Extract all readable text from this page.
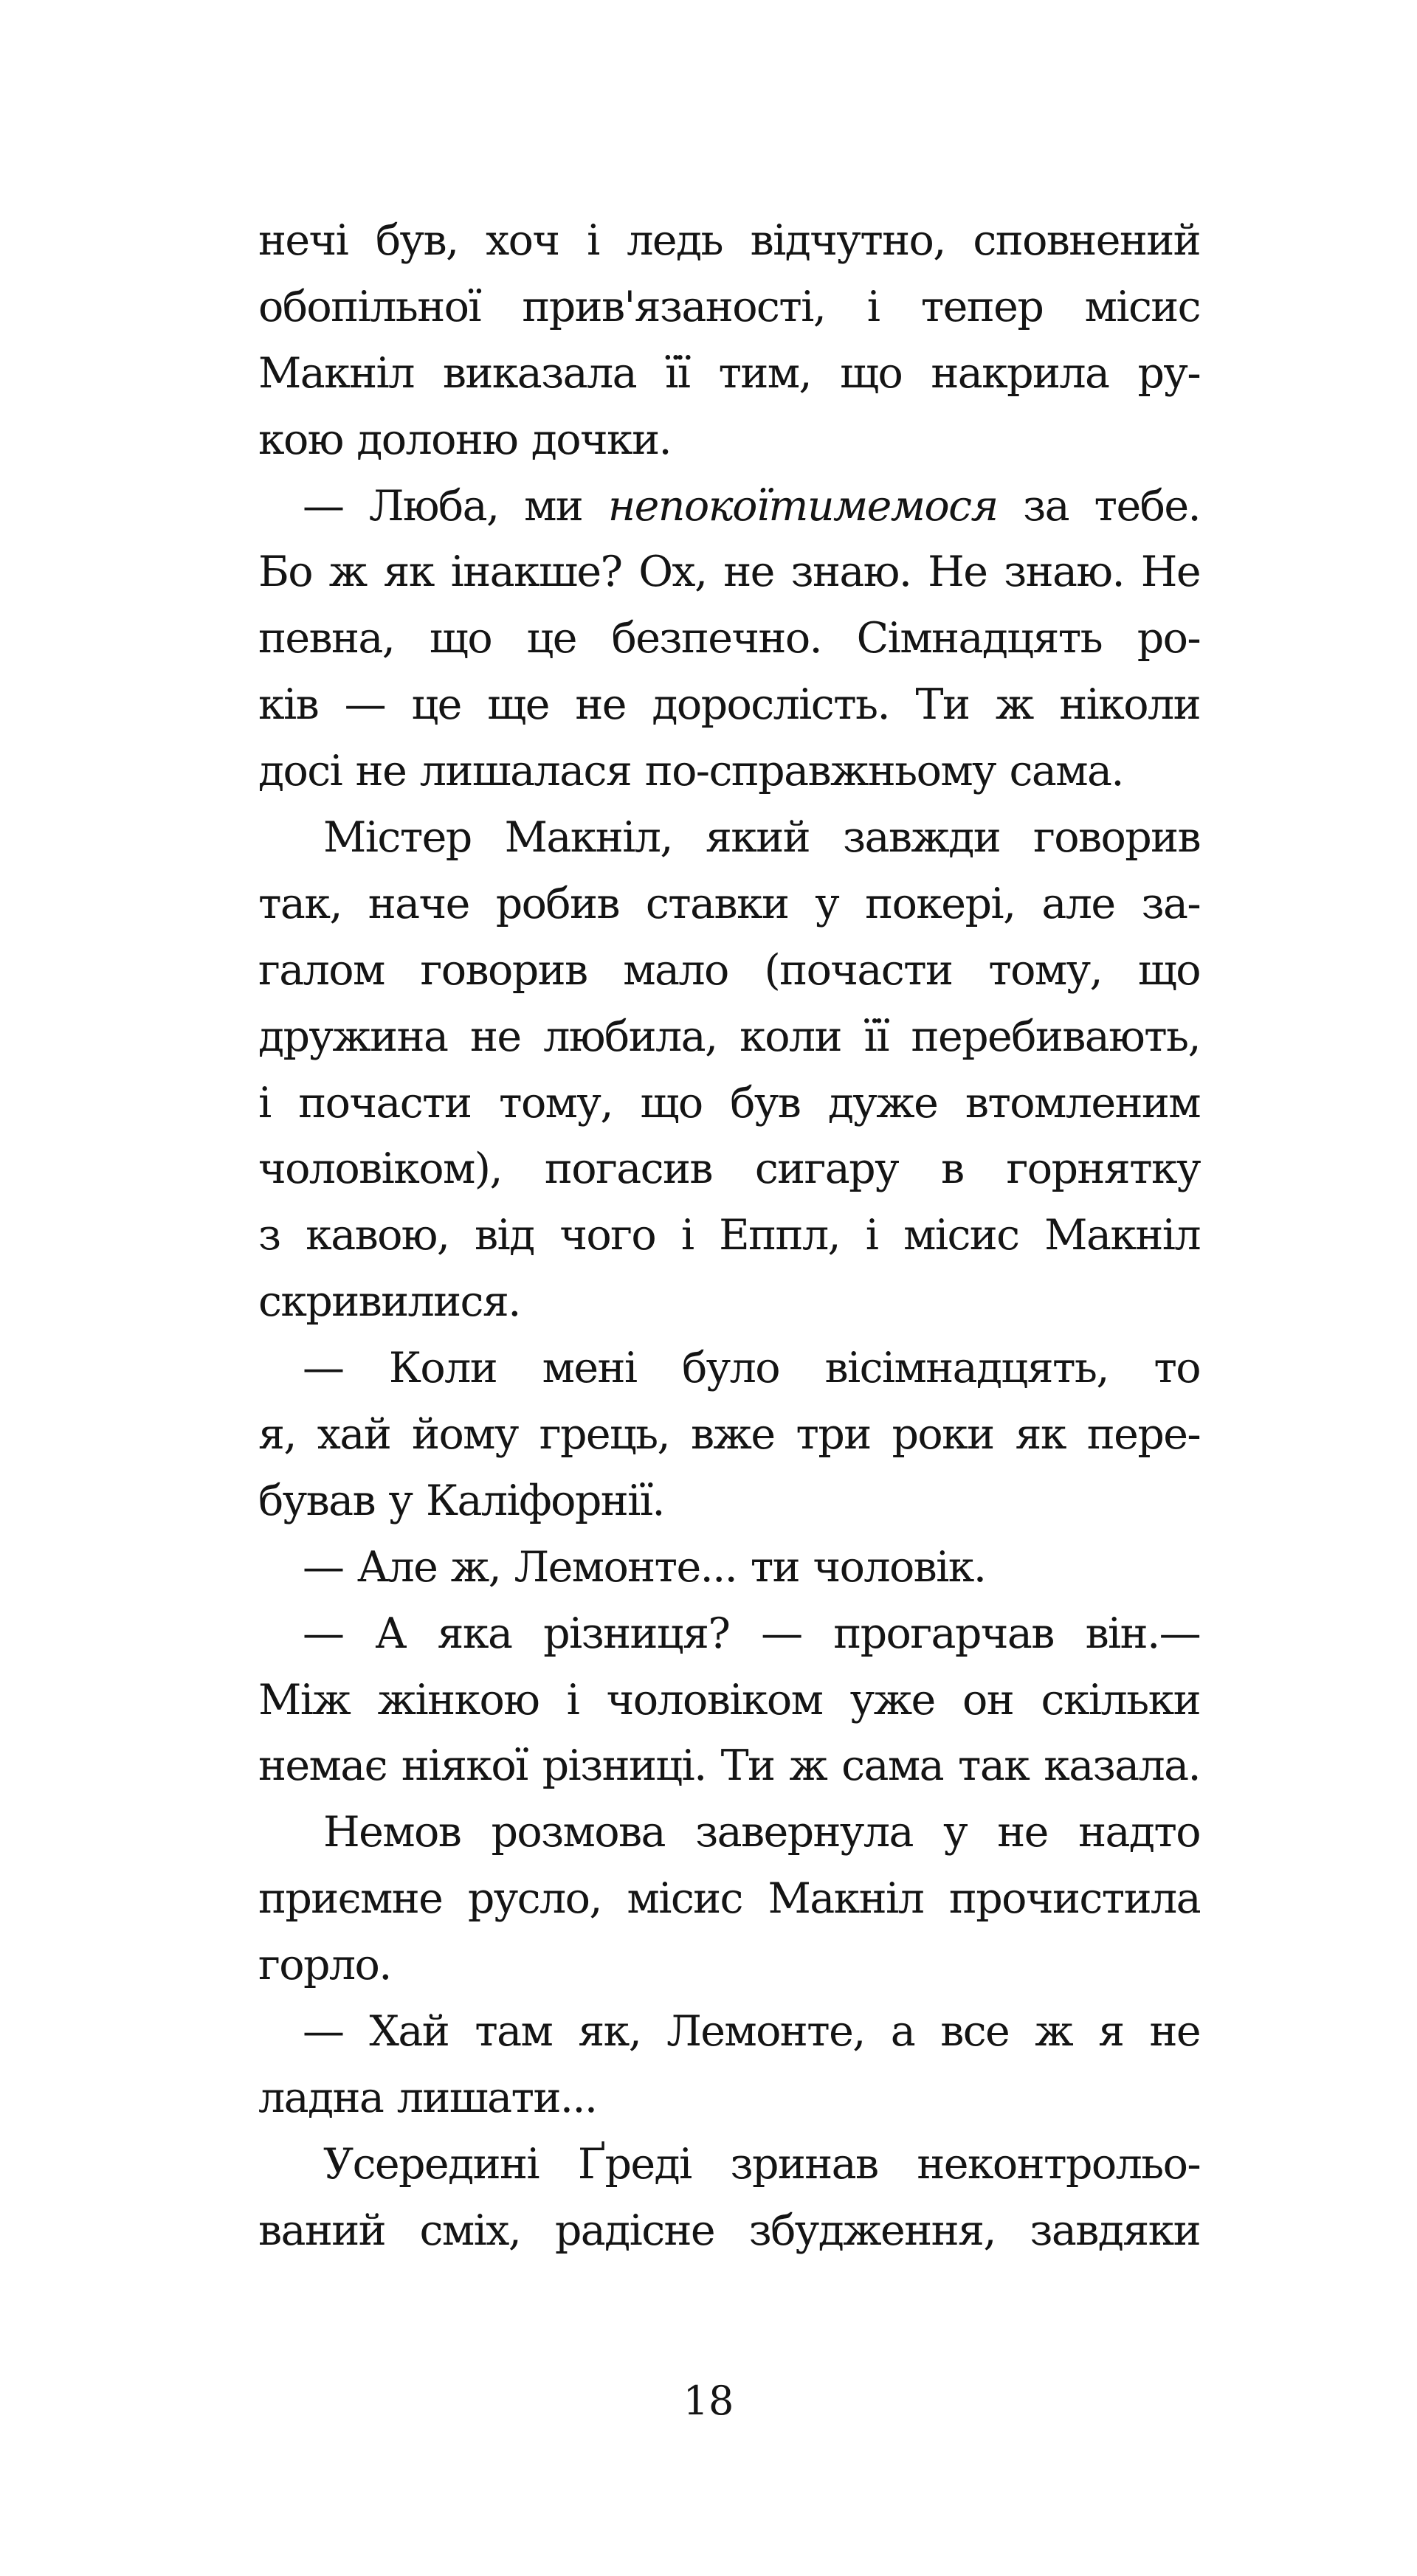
нечі був, хоч і ледь відчутно, сповнений
обопільної прив'язаності, і тепер місис
Макніл виказала її тим, що накрила ру-
кою долоню дочки.
— Люба, ми непокоїтимемося за тебе.
Бо ж як інакше? Ох, не знаю. Не знаю. Не
певна, що це безпечно. Сімнадцять ро-
ків — це ще не дорослість. Ти ж ніколи
досі не лишалася по-справжньому сама.
Містер Макніл, який завжди говорив
так, наче робив ставки у покері, але за-
галом говорив мало (почасти тому, що
дружина не любила, коли її перебивають,
і почасти тому, що був дуже втомленим
чоловіком), погасив сигару в горнятку
з кавою, від чого і Еппл, і місис Макніл
скривилися.
— Коли мені було вісімнадцять, то
я, хай йому грець, вже три роки як пере-
бував у Каліфорнії.
— Але ж, Лемонте... ти чоловік.
— А яка різниця? — прогарчав він.—
Між жінкою і чоловіком уже он скільки
немає ніякої різниці. Ти ж сама так казала.
Немов розмова завернула у не надто
приємне русло, місис Макніл прочистила
горло.
— Хай там як, Лемонте, а все ж я не
ладна лишати...
Усередині Ґреді зринав неконтрольо-
ваний сміх, радісне збудження, завдяки
18
